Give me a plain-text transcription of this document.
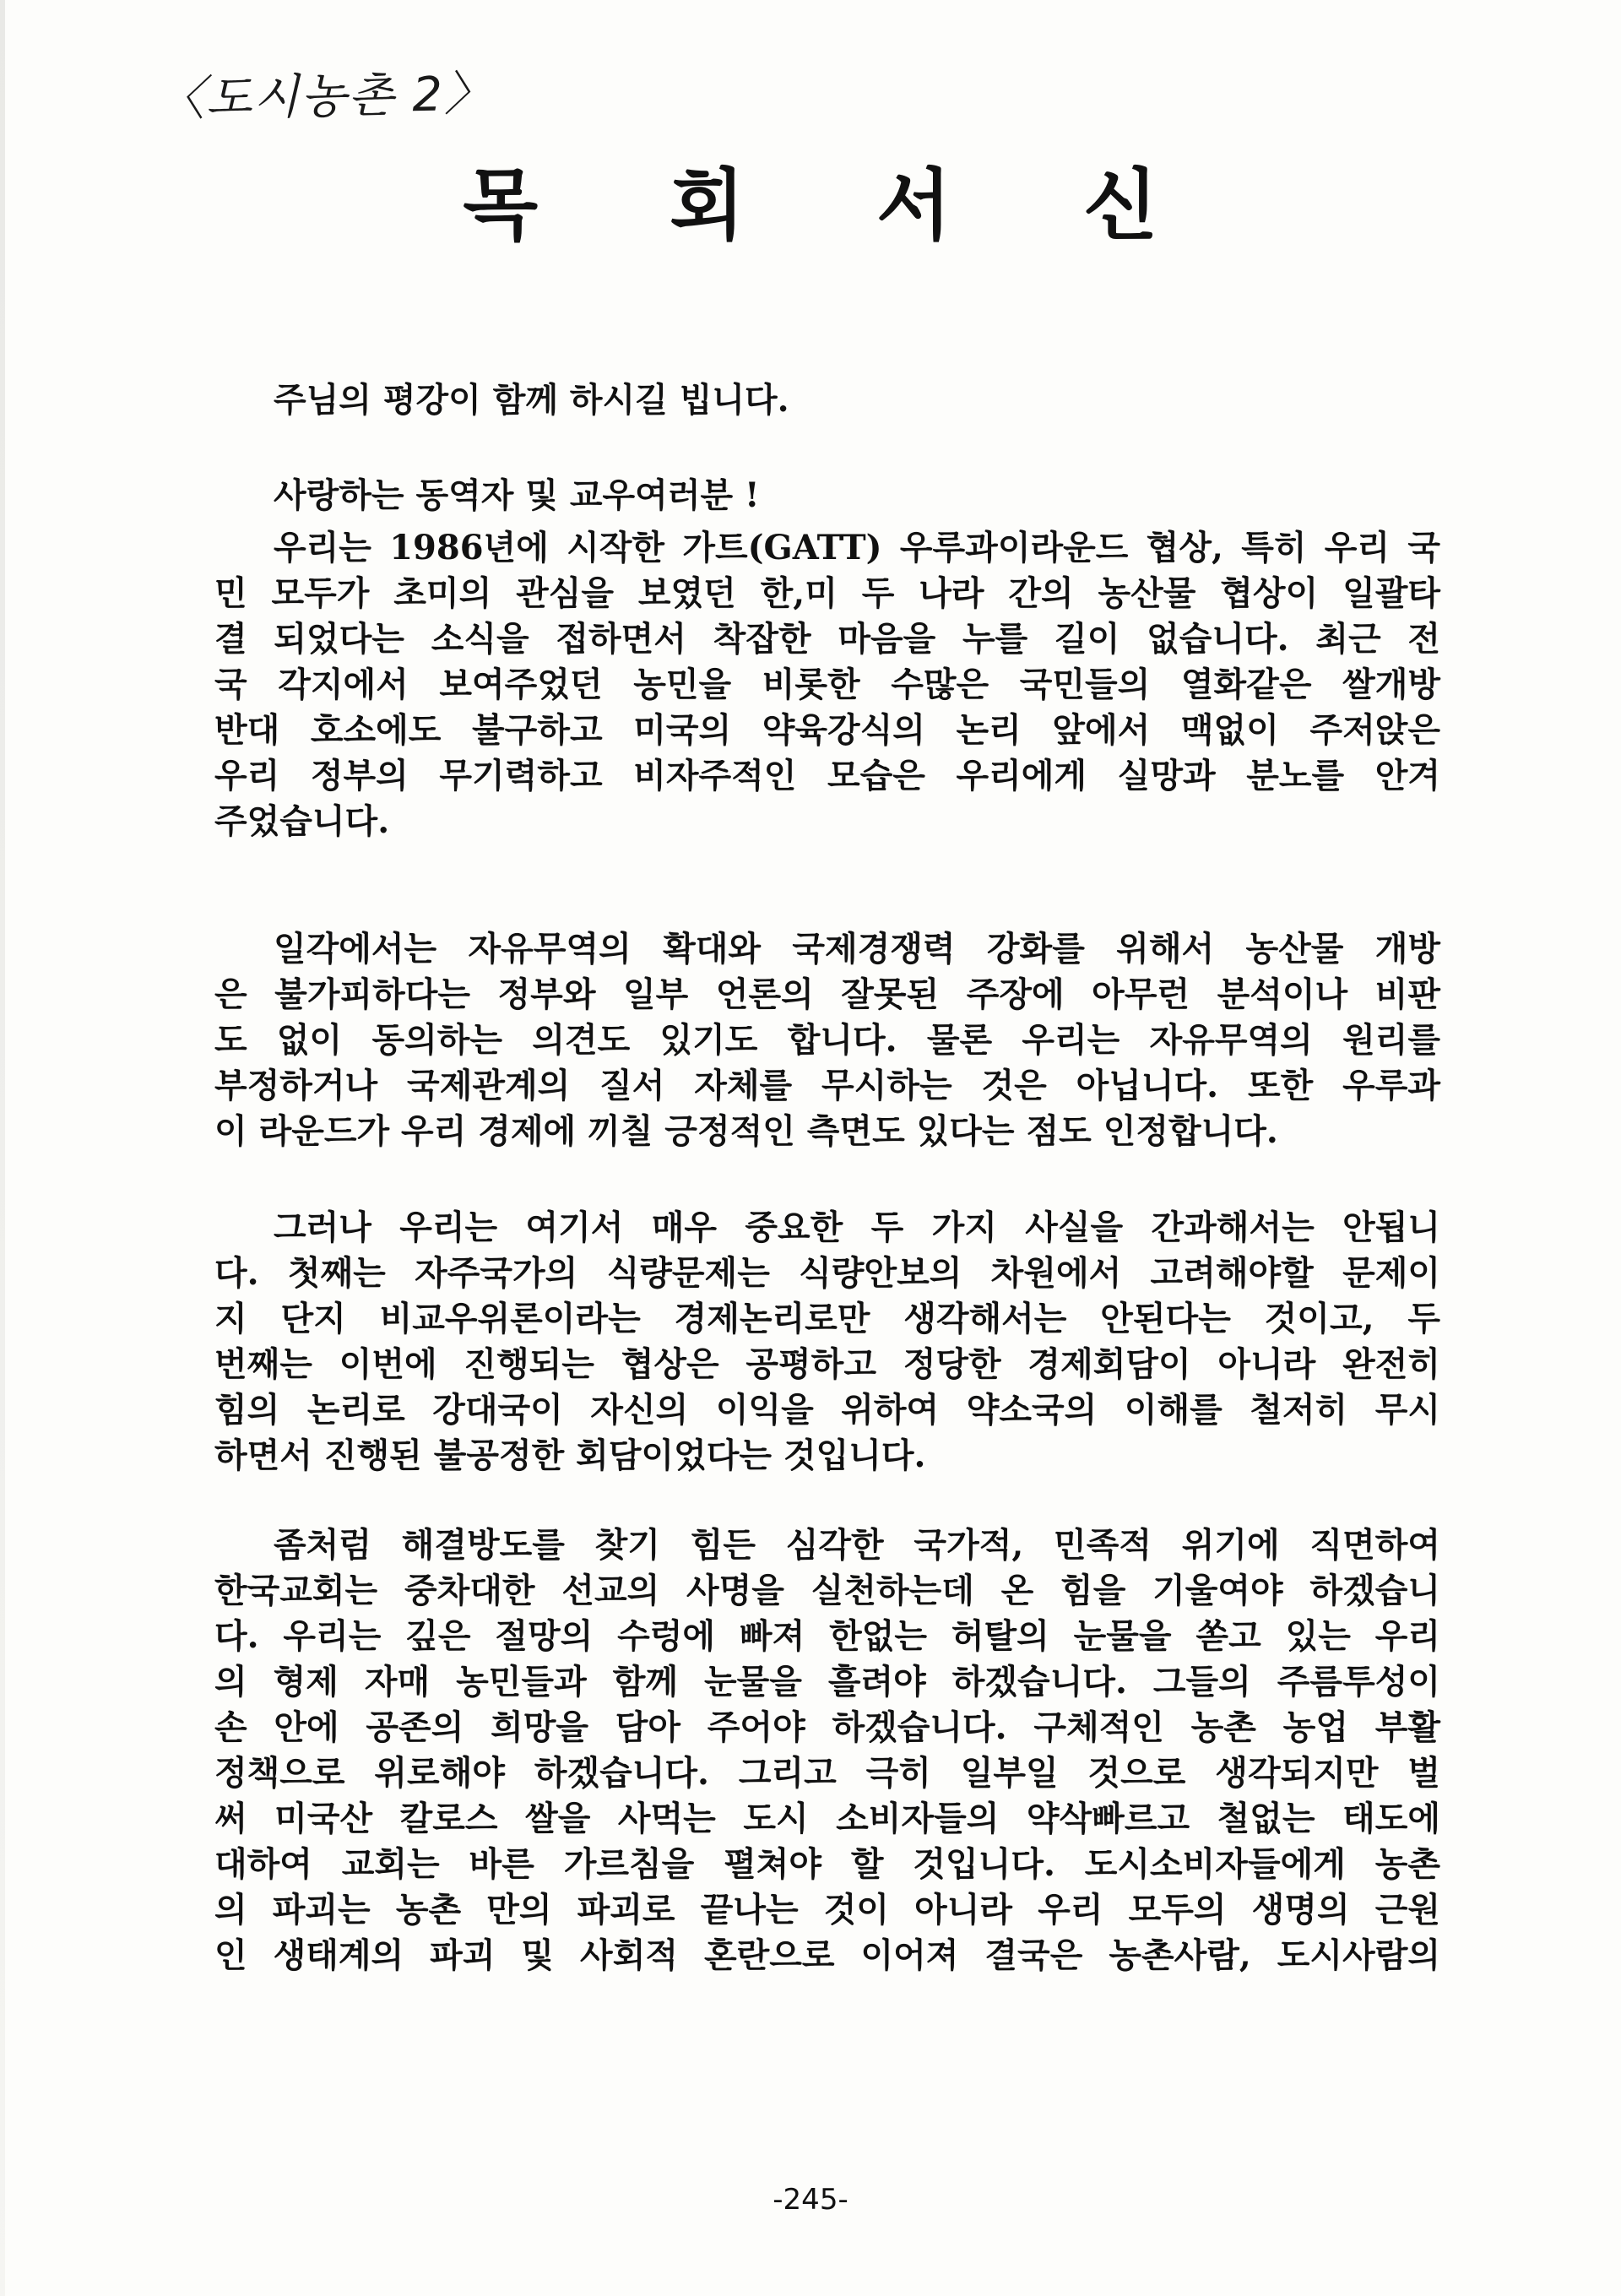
〈도시농촌 2〉
목 회 서 신
주님의 평강이 함께 하시길 빕니다.
사랑하는 동역자 및 교우여러분 !
우리는 1986년에 시작한 가트(GATT) 우루과이라운드 협상, 특히 우리 국
민 모두가 초미의 관심을 보였던 한,미 두 나라 간의 농산물 협상이 일괄타
결 되었다는 소식을 접하면서 착잡한 마음을 누를 길이 없습니다. 최근 전
국 각지에서 보여주었던 농민을 비롯한 수많은 국민들의 열화같은 쌀개방
반대 호소에도 불구하고 미국의 약육강식의 논리 앞에서 맥없이 주저앉은
우리 정부의 무기력하고 비자주적인 모습은 우리에게 실망과 분노를 안겨
주었습니다.
일각에서는 자유무역의 확대와 국제경쟁력 강화를 위해서 농산물 개방
은 불가피하다는 정부와 일부 언론의 잘못된 주장에 아무런 분석이나 비판
도 없이 동의하는 의견도 있기도 합니다. 물론 우리는 자유무역의 원리를
부정하거나 국제관계의 질서 자체를 무시하는 것은 아닙니다. 또한 우루과
이 라운드가 우리 경제에 끼칠 긍정적인 측면도 있다는 점도 인정합니다.
그러나 우리는 여기서 매우 중요한 두 가지 사실을 간과해서는 안됩니
다. 첫째는 자주국가의 식량문제는 식량안보의 차원에서 고려해야할 문제이
지 단지 비교우위론이라는 경제논리로만 생각해서는 안된다는 것이고, 두
번째는 이번에 진행되는 협상은 공평하고 정당한 경제회담이 아니라 완전히
힘의 논리로 강대국이 자신의 이익을 위하여 약소국의 이해를 철저히 무시
하면서 진행된 불공정한 회담이었다는 것입니다.
좀처럼 해결방도를 찾기 힘든 심각한 국가적, 민족적 위기에 직면하여
한국교회는 중차대한 선교의 사명을 실천하는데 온 힘을 기울여야 하겠습니
다. 우리는 깊은 절망의 수렁에 빠져 한없는 허탈의 눈물을 쏟고 있는 우리
의 형제 자매 농민들과 함께 눈물을 흘려야 하겠습니다. 그들의 주름투성이
손 안에 공존의 희망을 담아 주어야 하겠습니다. 구체적인 농촌 농업 부활
정책으로 위로해야 하겠습니다. 그리고 극히 일부일 것으로 생각되지만 벌
써 미국산 칼로스 쌀을 사먹는 도시 소비자들의 약삭빠르고 철없는 태도에
대하여 교회는 바른 가르침을 펼쳐야 할 것입니다. 도시소비자들에게 농촌
의 파괴는 농촌 만의 파괴로 끝나는 것이 아니라 우리 모두의 생명의 근원
인 생태계의 파괴 및 사회적 혼란으로 이어져 결국은 농촌사람, 도시사람의
-245-
